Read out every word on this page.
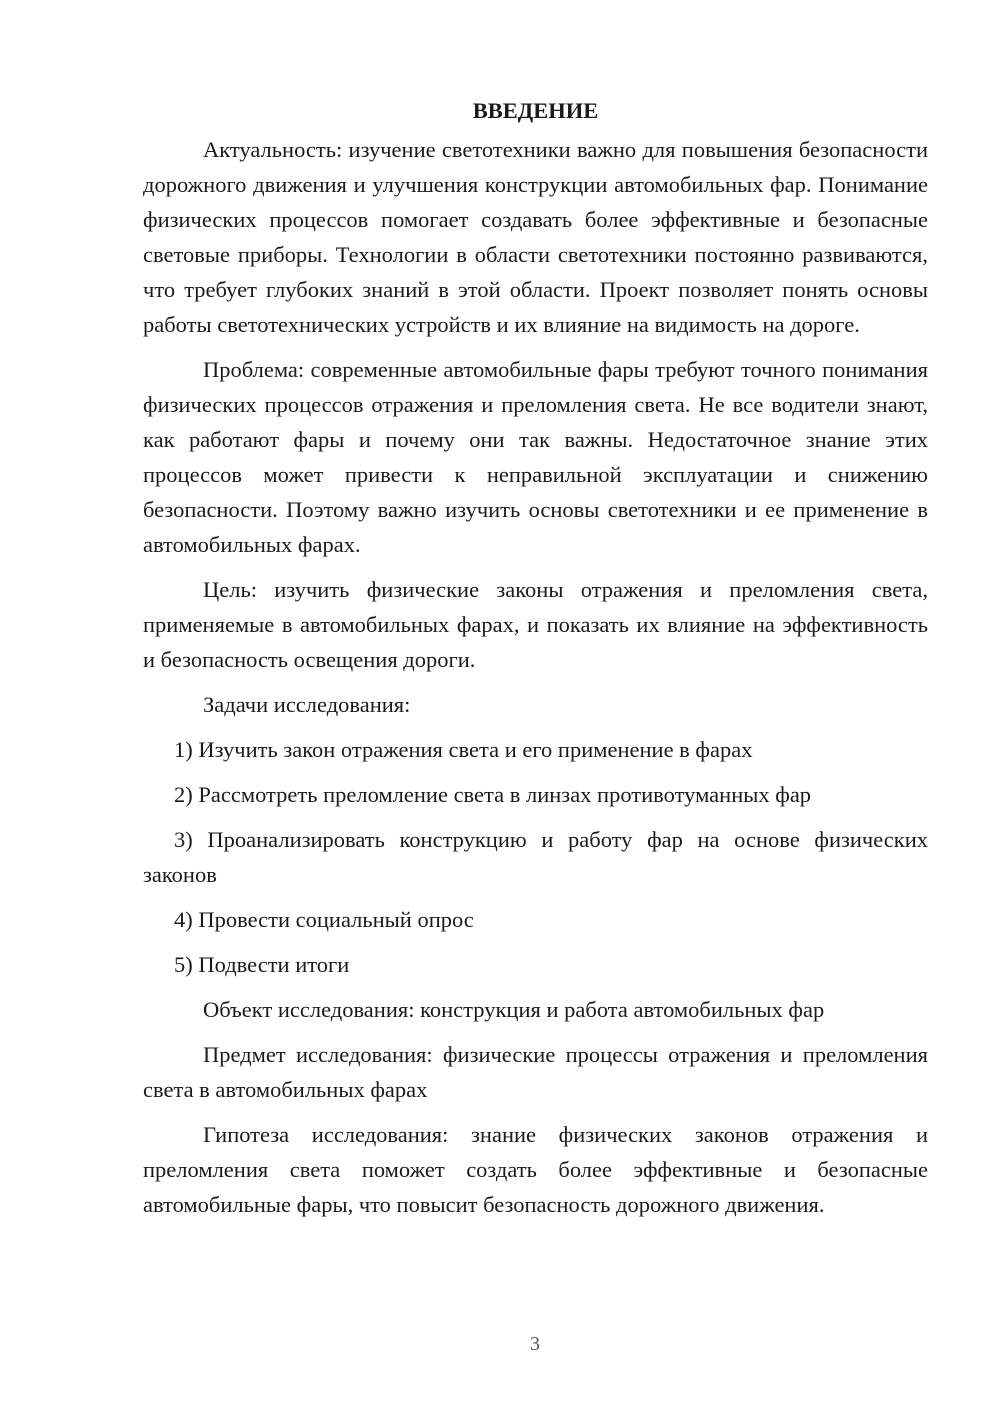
ВВЕДЕНИЕ

Актуальность: изучение светотехники важно для повышения безопасности дорожного движения и улучшения конструкции автомобильных фар. Понимание физических процессов помогает создавать более эффективные и безопасные световые приборы. Технологии в области светотехники постоянно развиваются, что требует глубоких знаний в этой области. Проект позволяет понять основы работы светотехнических устройств и их влияние на видимость на дороге.

Проблема: современные автомобильные фары требуют точного понимания физических процессов отражения и преломления света. Не все водители знают, как работают фары и почему они так важны. Недостаточное знание этих процессов может привести к неправильной эксплуатации и снижению безопасности. Поэтому важно изучить основы светотехники и ее применение в автомобильных фарах.

Цель: изучить физические законы отражения и преломления света, применяемые в автомобильных фарах, и показать их влияние на эффективность и безопасность освещения дороги.

Задачи исследования:

1) Изучить закон отражения света и его применение в фарах
2) Рассмотреть преломление света в линзах противотуманных фар
3) Проанализировать конструкцию и работу фар на основе физических законов
4) Провести социальный опрос
5) Подвести итоги

Объект исследования: конструкция и работа автомобильных фар

Предмет исследования: физические процессы отражения и преломления света в автомобильных фарах

Гипотеза исследования: знание физических законов отражения и преломления света поможет создать более эффективные и безопасные автомобильные фары, что повысит безопасность дорожного движения.

3
